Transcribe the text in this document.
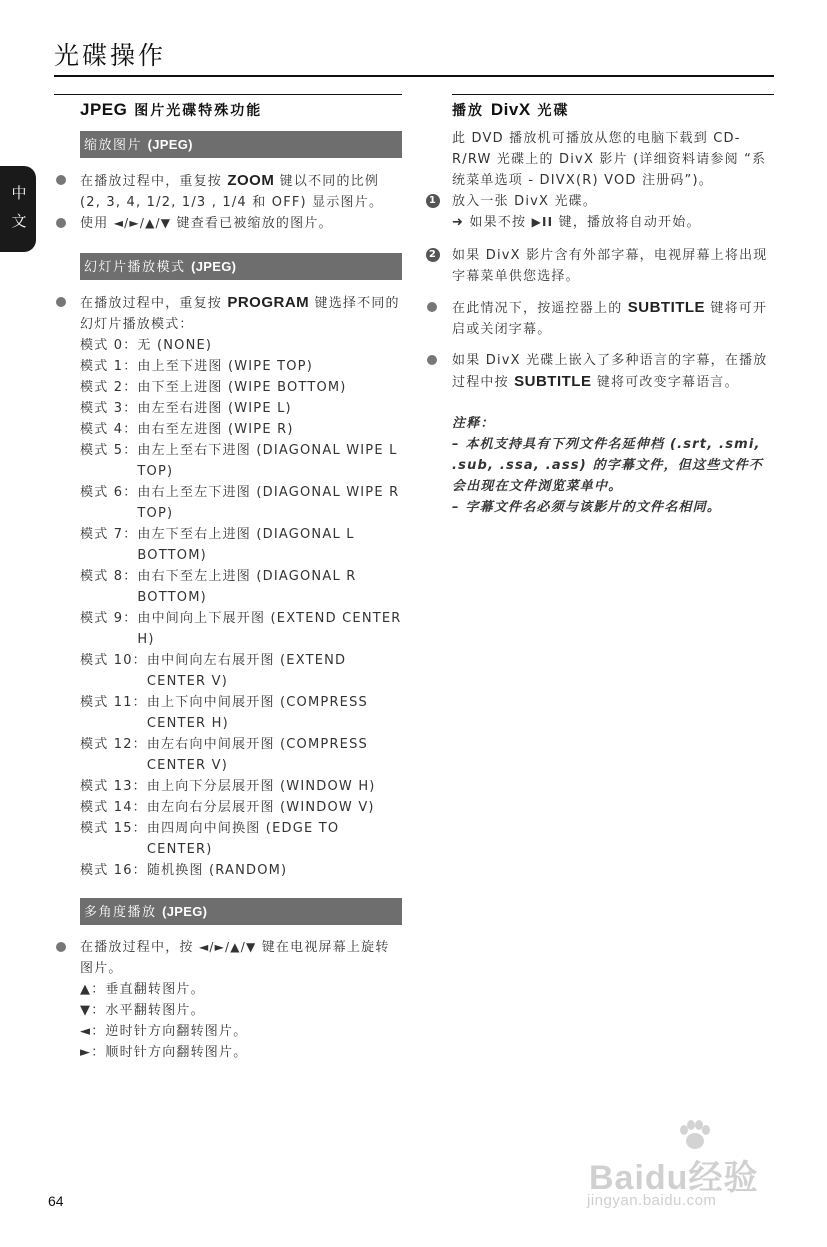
光碟操作
中
文
JPEG 图片光碟特殊功能
缩放图片 (JPEG)
在播放过程中，重复按 ZOOM 键以不同的比例 (2, 3, 4, 1/2, 1/3 , 1/4 和 OFF) 显示图片。
使用 ◄/►/▲/▼ 键查看已被缩放的图片。
幻灯片播放模式 (JPEG)
在播放过程中，重复按 PROGRAM 键选择不同的幻灯片播放模式：
模式 0： 无 (NONE)
模式 1： 由上至下进图 (WIPE TOP)
模式 2： 由下至上进图 (WIPE BOTTOM)
模式 3： 由左至右进图 (WIPE L)
模式 4： 由右至左进图 (WIPE R)
模式 5： 由左上至右下进图 (DIAGONAL WIPE L TOP)
模式 6： 由右上至左下进图 (DIAGONAL WIPE R TOP)
模式 7： 由左下至右上进图 (DIAGONAL L BOTTOM)
模式 8： 由右下至左上进图 (DIAGONAL R BOTTOM)
模式 9： 由中间向上下展开图 (EXTEND CENTER H)
模式 10： 由中间向左右展开图 (EXTEND CENTER V)
模式 11： 由上下向中间展开图 (COMPRESS CENTER H)
模式 12： 由左右向中间展开图 (COMPRESS CENTER V)
模式 13： 由上向下分层展开图 (WINDOW H)
模式 14： 由左向右分层展开图 (WINDOW V)
模式 15： 由四周向中间换图 (EDGE TO CENTER)
模式 16： 随机换图 (RANDOM)
多角度播放 (JPEG)
在播放过程中，按 ◄/►/▲/▼ 键在电视屏幕上旋转图片。
▲：垂直翻转图片。
▼：水平翻转图片。
◄：逆时针方向翻转图片。
►：顺时针方向翻转图片。
播放 DivX 光碟
此 DVD 播放机可播放从您的电脑下载到 CD-R/RW 光碟上的 DivX 影片 (详细资料请参阅 “系统菜单选项 - DIVX(R) VOD 注册码”)。
1 放入一张 DivX 光碟。
➜ 如果不按 ▶II 键，播放将自动开始。
2 如果 DivX 影片含有外部字幕，电视屏幕上将出现字幕菜单供您选择。
在此情况下，按遥控器上的 SUBTITLE 键将可开启或关闭字幕。
如果 DivX 光碟上嵌入了多种语言的字幕，在播放过程中按 SUBTITLE 键将可改变字幕语言。
注释：
– 本机支持具有下列文件名延伸档 (.srt, .smi, .sub, .ssa, .ass) 的字幕文件，但这些文件不会出现在文件浏览菜单中。
– 字幕文件名必须与该影片的文件名相同。
64
Baidu经验
jingyan.baidu.com
